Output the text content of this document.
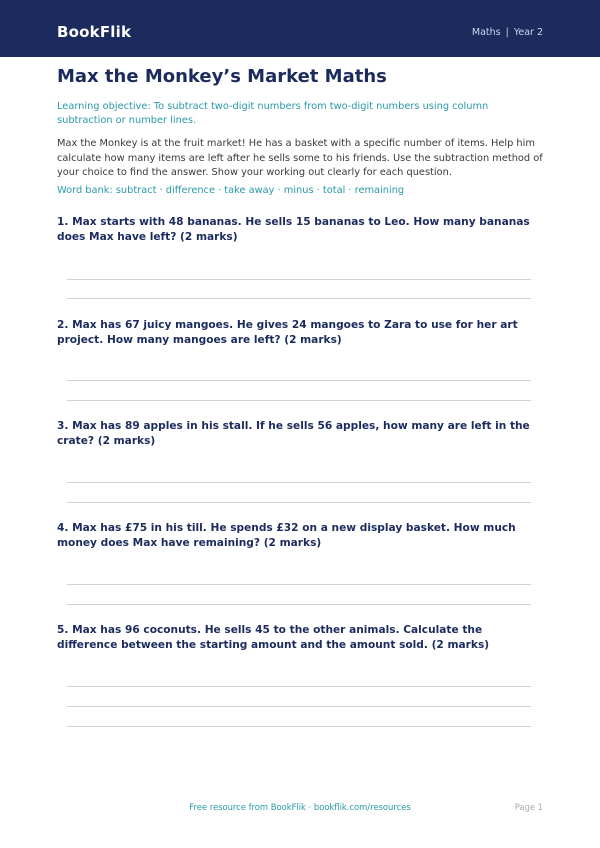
BookFlik	Maths | Year 2
Max the Monkey’s Market Maths

Learning objective: To subtract two-digit numbers from two-digit numbers using column subtraction or number lines.

Max the Monkey is at the fruit market! He has a basket with a specific number of items. Help him calculate how many items are left after he sells some to his friends. Use the subtraction method of your choice to find the answer. Show your working out clearly for each question.

Word bank: subtract · difference · take away · minus · total · remaining

1. Max starts with 48 bananas. He sells 15 bananas to Leo. How many bananas does Max have left? (2 marks)

2. Max has 67 juicy mangoes. He gives 24 mangoes to Zara to use for her art project. How many mangoes are left? (2 marks)

3. Max has 89 apples in his stall. If he sells 56 apples, how many are left in the crate? (2 marks)

4. Max has £75 in his till. He spends £32 on a new display basket. How much money does Max have remaining? (2 marks)

5. Max has 96 coconuts. He sells 45 to the other animals. Calculate the difference between the starting amount and the amount sold. (2 marks)

Free resource from BookFlik · bookflik.com/resources	Page 1
